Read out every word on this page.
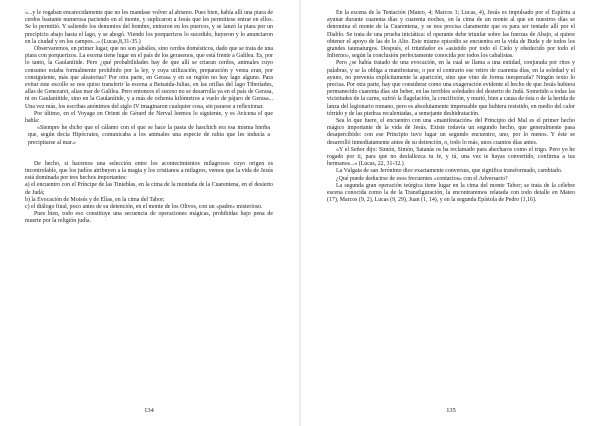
«...y le rogaban encarecidamente que no les mandase volver al abismo. Pues bien, había allí una piara de cerdos bastante numerosa paciendo en el monte, y suplicaron a Jesús que les permitiese entrar en ellos. Se lo permitió. Y saliendo los demonios del hombre, entraron en los puercos, y se lanzó la piara por un precipicio abajo hasta el lago, y se ahogó. Viendo los porquerizos lo sucedido, huyeron y lo anunciaron en la ciudad y en los campos...» (Lucas,8,31-35.)

Observaremos, en primer lugar, que no son jabalíes, sino cerdos domésticos, dado que se trata de una piara con porquerizos. La escena tiene lugar en el país de los gerasenos, que está frente a Galilea. Es, por lo tanto, la Gaulanítide. Pero ¿qué probabilidades hay de que allí se criaran cerdos, animales cuyo consumo estaba formalmente prohibido por la ley, y cuya utilización, preparación y venta eran, por consiguiente, más que aleatorias? Por otra parte, en Gerasa y en su región no hay lago alguno. Para evitar este escollo se nos quiso transferir la escena a Betsaida-Julias, en las orillas del lago Tiberíades, allas de Genezaret, alias mar de Galilea. Pero entonces el suceso no se desarrolla ya en el país de Gerasa, ni en Gaulaníitide, sino en la Gaulanítide, y a más de ochenta kilómetros a vuelo de pájaro de Gerasa... Una vez más, los escribas anónimos del siglo IV imaginaron cualquier cosa, sin pararse a reflexionar.

Por último, en el Voyage en Orient de Gérard de Nerval leemos lo siguiente, y es Avicena el que habla:

«Siempre he dicho que el cálamo con el que se hace la pasta de haschich era esa misma hierba que, según decía Hipócrates, comunicaba a los animales una especie de rabia que les inducía a precipitarse al mar.»

De hecho, si hacemos una selección entre los acontecimientos milagrosos cuyo origen es incontrolable, que los judíos atribuyen a la magia y los cristianos a milagros, vemos que la vida de Jesús está dominada por tres hechos importantes:

a) el encuentro con el Príncipe de las Tinieblas, en la cima de la montaña de la Cuarentena, en el desierto de Judá;

b) la Evocación de Moisés y de Elías, en la cima del Tabor;

c) el diálogo final, poco antes de su detención, en el monte de los Olivos, con un «padre» misterioso.

Pues bien, todo eso constituye una secuencia de operaciones mágicas, prohibidas bajo pena de muerte por la religión judía.

En la escena de la Tentación (Mateo, 4; Marcos 1; Lucas, 4), Jesús es impulsado por el Espíritu a ayunar durante cuarenta días y cuarenta noches, en la cima de un monte al que en nuestros días se denomina el monte de la Cuarentena, y se nos precisa claramente que es para ser tentado allí por el Diablo. Se trata de una prueba iniciática: el operante debe triunfar sobre las fuerzas de Abajo, si quiere obtener el apoyo de las de lo Alto. Este mismo episodio se encuentra en la vida de Buda y de todos los grandes taumaturgos. Después, el triunfador es «asistido por todo el Cielo y obedecido por todo el Infierno», según la conclusión perfectamente conocida por todos los cabalistas.

Pero ¿se había tratado de una evocación, en la cual se llama a una entidad, conjurada por ritos y palabras, y se la obliga a manifestarse, o por el contrario ese retiro de cuarenta días, en la soledad y el ayuno, no prevenía explícitamente la aparición, sino que vino de forma inesperada? Ningún texto lo precisa. Por otra parte, hay que considerar como una exageración evidente el hecho de que Jesús hubiera permanecido cuarenta días sin beber, en las terribles soledades del desierto de Judá. Sometido a todas las vicisitudes de la carne, sufrió la flagelación, la crucifixión, y murió, bien a causa de ésta o de la herida de lanza del legionario romano, pero es absolutamente impensable que hubiera resistido, en medio del calor tórrido y de las piedras recalentadas, a semejante deshidratación.

Sea lo que fuere, el encuentro con una «manifestación» del Principio del Mal es el primer hecho mágico importante de la vida de Jesús. Existe todavía un segundo hecho, que generalmente pasa desapercibido: con ese Principio tuvo lugar un segundo encuentro, uno, por lo menos. Y éste se desarrolló inmediatamente antes de su detención, o, todo lo más, unos cuantos días antes.

«Y el Señor dijo: Simón, Simón, Satanás os ha reclamado para ahecharos como el trigo. Pero yo he rogado por ti, para que no desfallezca tu fe, y tú, una vez te hayas convertido, confirma a tus hermanos...» (Lucas, 22, 31-32.)

La Vulgata de san Jerónimo dice exactamente conversus, que significa transformado, cambiado.

¿Qué puede deducirse de esos frecuentes «contactos» con el Adversario?

La segunda gran operación teúrgica tiene lugar en la cima del monte Tabor; se trata de la célebre escena conocida como la de la Transfiguración, la encontraremos relatada con todo detalle en Mateo (17), Marcos (9, 2), Lucas (9, 29), Juan (1, 14), y en la segunda Epístola de Pedro (1,16).

134	135
